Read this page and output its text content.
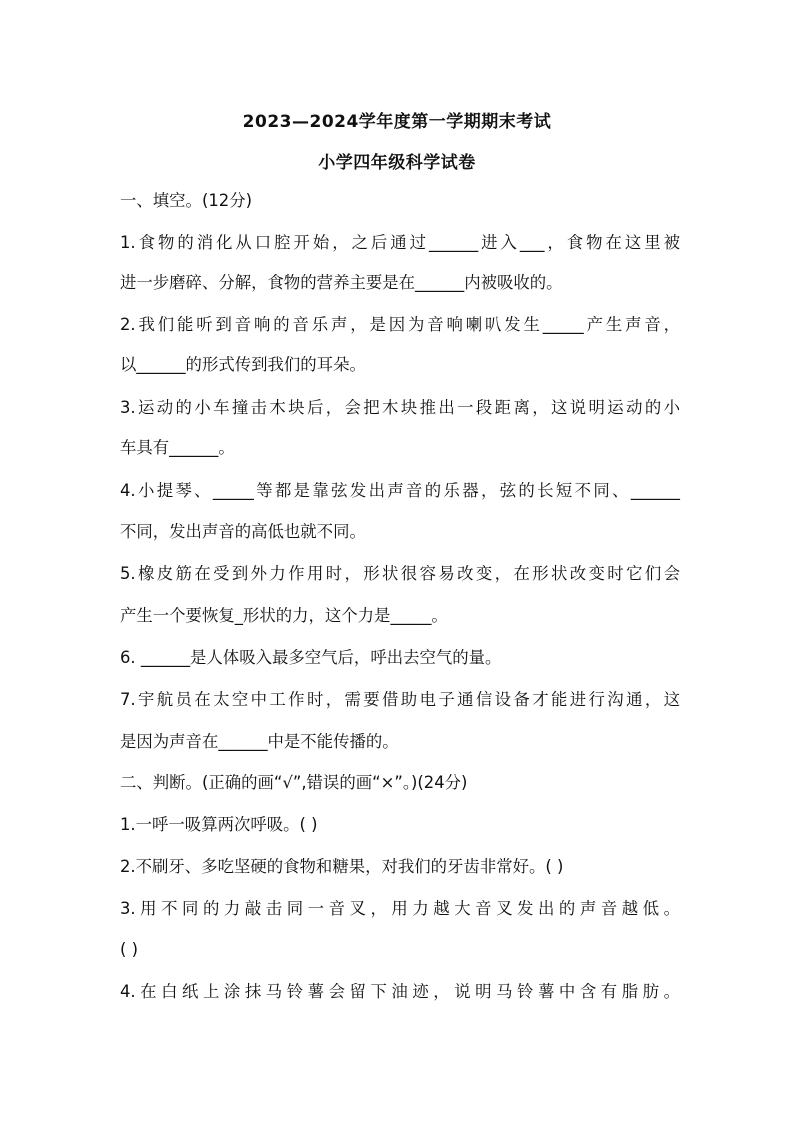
2023—2024学年度第一学期期末考试
小学四年级科学试卷
一、填空。(12分)
1.食物的消化从口腔开始，之后通过______进入___，食物在这里被
进一步磨碎、分解，食物的营养主要是在______内被吸收的。
2.我们能听到音响的音乐声，是因为音响喇叭发生_____产生声音，
以______的形式传到我们的耳朵。
3.运动的小车撞击木块后，会把木块推出一段距离，这说明运动的小
车具有______。
4.小提琴、_____等都是靠弦发出声音的乐器，弦的长短不同、______
不同，发出声音的高低也就不同。
5.橡皮筋在受到外力作用时，形状很容易改变，在形状改变时它们会
产生一个要恢复_形状的力，这个力是_____。
6. ______是人体吸入最多空气后，呼出去空气的量。
7.宇航员在太空中工作时，需要借助电子通信设备才能进行沟通，这
是因为声音在______中是不能传播的。
二、判断。(正确的画“√”,错误的画“×”。)(24分)
1.一呼一吸算两次呼吸。( )
2.不刷牙、多吃坚硬的食物和糖果，对我们的牙齿非常好。( )
3.用不同的力敲击同一音叉，用力越大音叉发出的声音越低。
( )
4.在白纸上涂抹马铃薯会留下油迹，说明马铃薯中含有脂肪。
